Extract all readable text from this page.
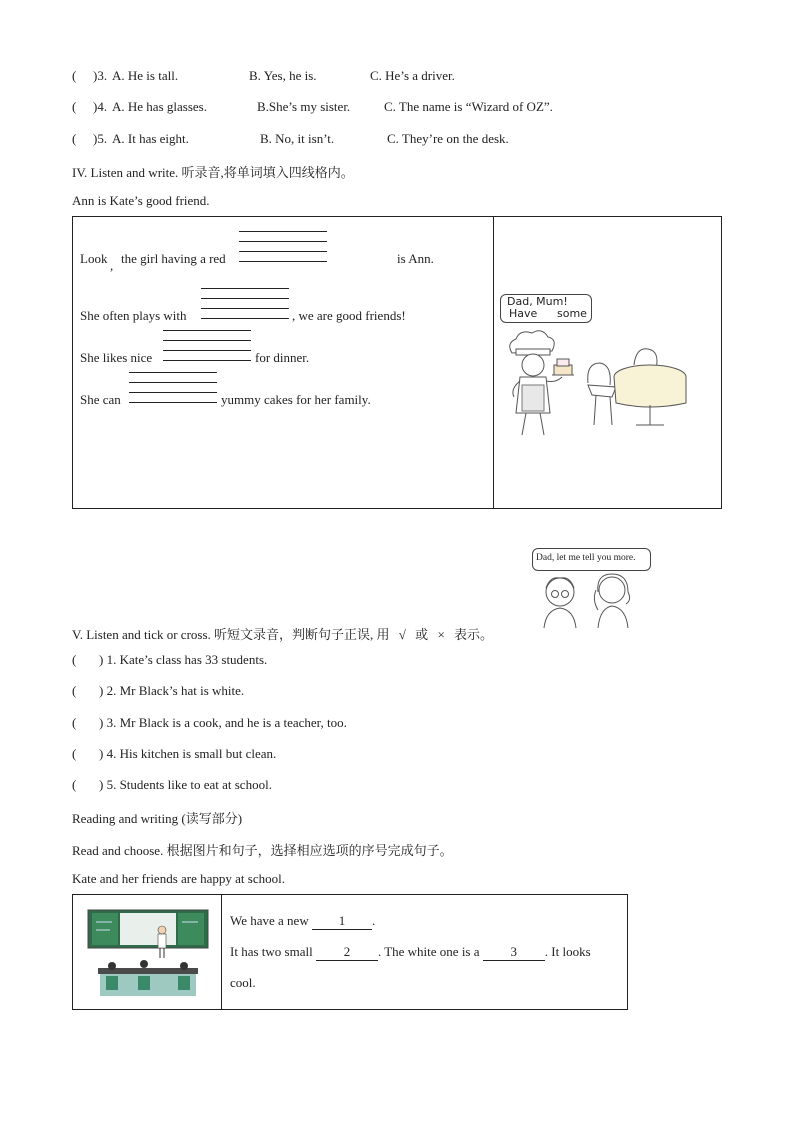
( )3. A. He is tall.	B. Yes, he is.	C. He’s a driver.
( )4. A. He has glasses.	B.She’s my sister.	C. The name is “Wizard of OZ”.
( )5. A. It has eight.	B. No, it isn’t.	C. They’re on the desk.
IV. Listen and write. 听录音,将单词填入四线格内。
Ann is Kate’s good friend.
Look , the girl having a red	is Ann.
She often plays with	, we are good friends!
She likes nice	for dinner.
She can	yummy cakes for her family.
Dad, Mum!
Have some
Dad, let me tell you more.
V. Listen and tick or cross. 听短文录音，判断句子正误, 用 √ 或 × 表示。
( ) 1. Kate’s class has 33 students.
( ) 2. Mr Black’s hat is white.
( ) 3. Mr Black is a cook, and he is a teacher, too.
( ) 4. His kitchen is small but clean.
( ) 5. Students like to eat at school.
Reading and writing (读写部分)
Read and choose. 根据图片和句子，选择相应选项的序号完成句子。
Kate and her friends are happy at school.
We have a new 1 .
It has two small 2 . The white one is a 3 . It looks
cool.
